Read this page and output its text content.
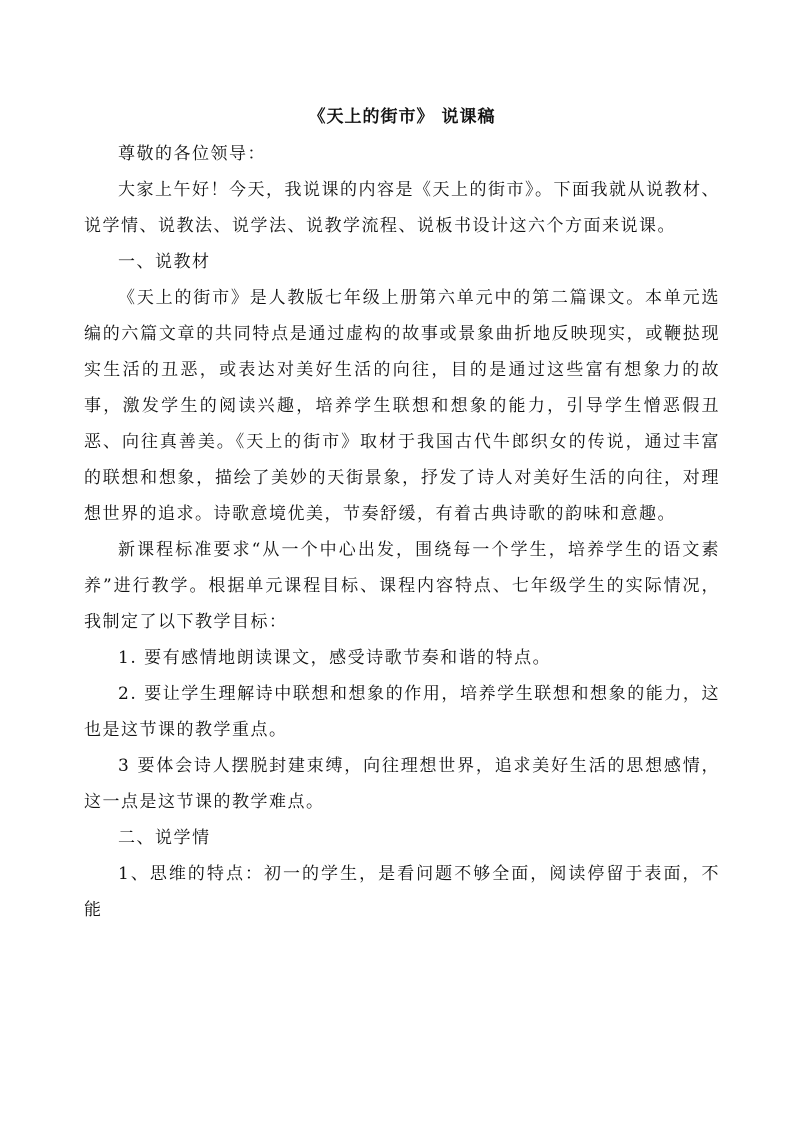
《天上的街市》 说课稿

尊敬的各位领导：

大家上午好！今天，我说课的内容是《天上的街市》。下面我就从说教材、说学情、说教法、说学法、说教学流程、说板书设计这六个方面来说课。

一、说教材

《天上的街市》是人教版七年级上册第六单元中的第二篇课文。本单元选编的六篇文章的共同特点是通过虚构的故事或景象曲折地反映现实，或鞭挞现实生活的丑恶，或表达对美好生活的向往，目的是通过这些富有想象力的故事，激发学生的阅读兴趣，培养学生联想和想象的能力，引导学生憎恶假丑恶、向往真善美。《天上的街市》取材于我国古代牛郎织女的传说，通过丰富的联想和想象，描绘了美妙的天街景象，抒发了诗人对美好生活的向往，对理想世界的追求。诗歌意境优美，节奏舒缓，有着古典诗歌的韵味和意趣。

新课程标准要求“从一个中心出发，围绕每一个学生，培养学生的语文素养”进行教学。根据单元课程目标、课程内容特点、七年级学生的实际情况，我制定了以下教学目标：

1. 要有感情地朗读课文，感受诗歌节奏和谐的特点。

2. 要让学生理解诗中联想和想象的作用，培养学生联想和想象的能力，这也是这节课的教学重点。

3 要体会诗人摆脱封建束缚，向往理想世界，追求美好生活的思想感情，这一点是这节课的教学难点。

二、说学情

1、思维的特点：初一的学生，是看问题不够全面，阅读停留于表面，不能
